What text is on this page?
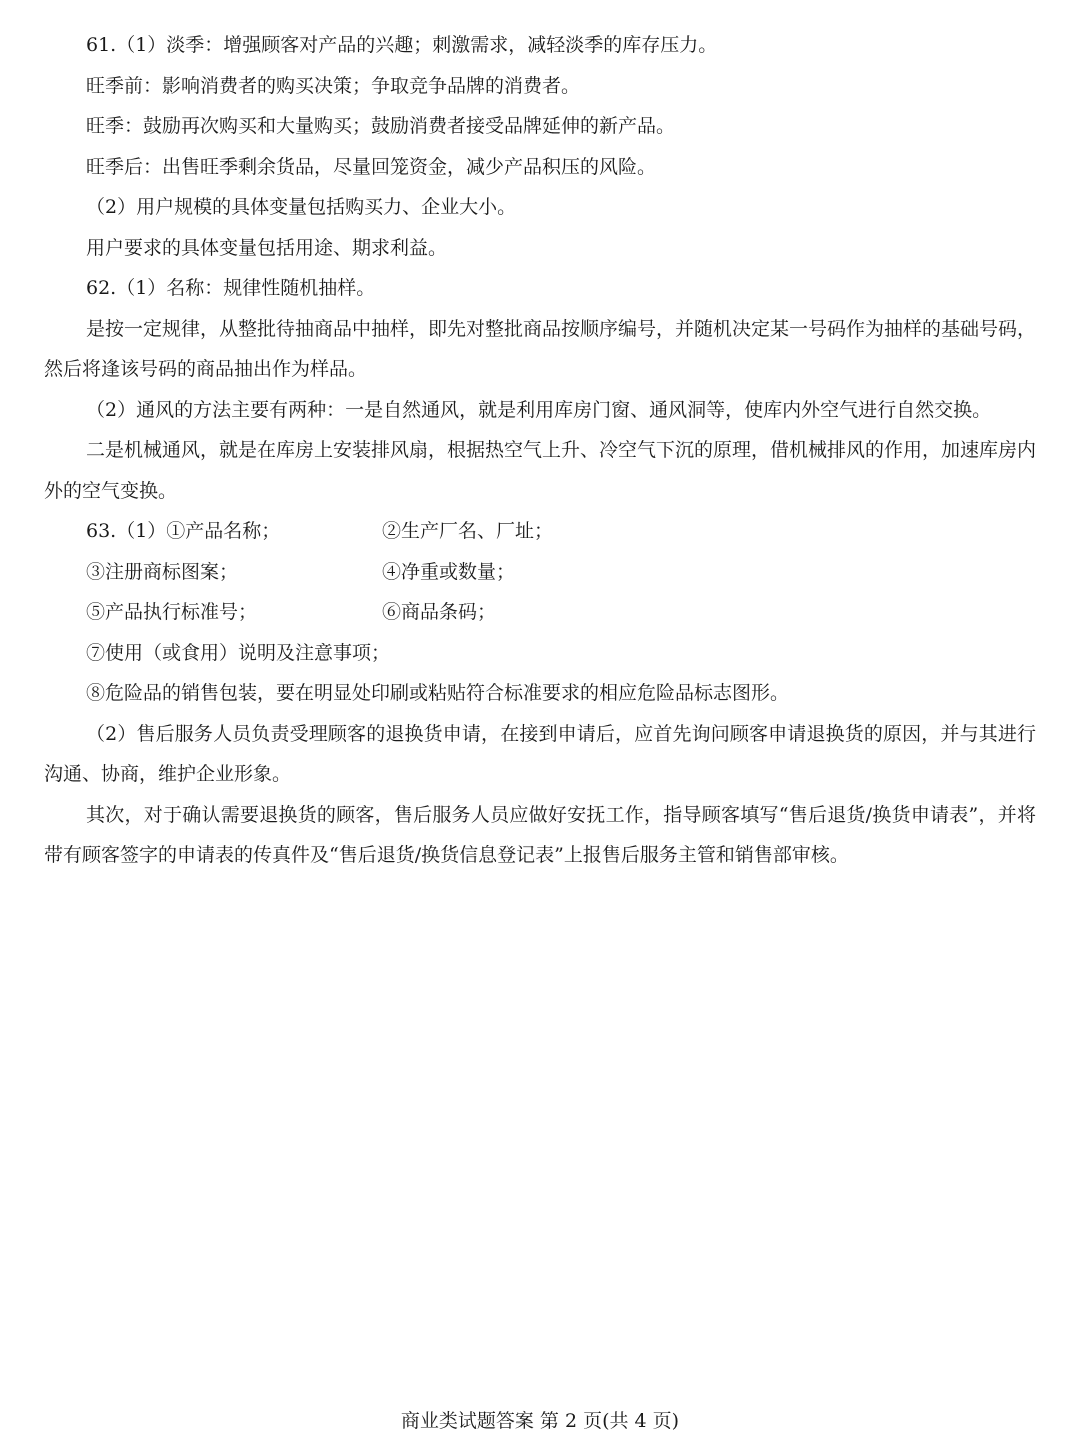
61.（1）淡季：增强顾客对产品的兴趣；刺激需求，减轻淡季的库存压力。

旺季前：影响消费者的购买决策；争取竞争品牌的消费者。

旺季：鼓励再次购买和大量购买；鼓励消费者接受品牌延伸的新产品。

旺季后：出售旺季剩余货品，尽量回笼资金，减少产品积压的风险。

（2）用户规模的具体变量包括购买力、企业大小。

用户要求的具体变量包括用途、期求利益。

62.（1）名称：规律性随机抽样。

是按一定规律，从整批待抽商品中抽样，即先对整批商品按顺序编号，并随机决定某一号码作为抽样的基础号码，然后将逢该号码的商品抽出作为样品。

（2）通风的方法主要有两种：一是自然通风，就是利用库房门窗、通风洞等，使库内外空气进行自然交换。

二是机械通风，就是在库房上安装排风扇，根据热空气上升、冷空气下沉的原理，借机械排风的作用，加速库房内外的空气变换。

63.（1）①产品名称；	②生产厂名、厂址；
③注册商标图案；	④净重或数量；
⑤产品执行标准号；	⑥商品条码；

⑦使用（或食用）说明及注意事项；

⑧危险品的销售包装，要在明显处印刷或粘贴符合标准要求的相应危险品标志图形。

（2）售后服务人员负责受理顾客的退换货申请，在接到申请后，应首先询问顾客申请退换货的原因，并与其进行沟通、协商，维护企业形象。

其次，对于确认需要退换货的顾客，售后服务人员应做好安抚工作，指导顾客填写“售后退货/换货申请表”，并将带有顾客签字的申请表的传真件及“售后退货/换货信息登记表”上报售后服务主管和销售部审核。

商业类试题答案 第 2 页(共 4 页)
